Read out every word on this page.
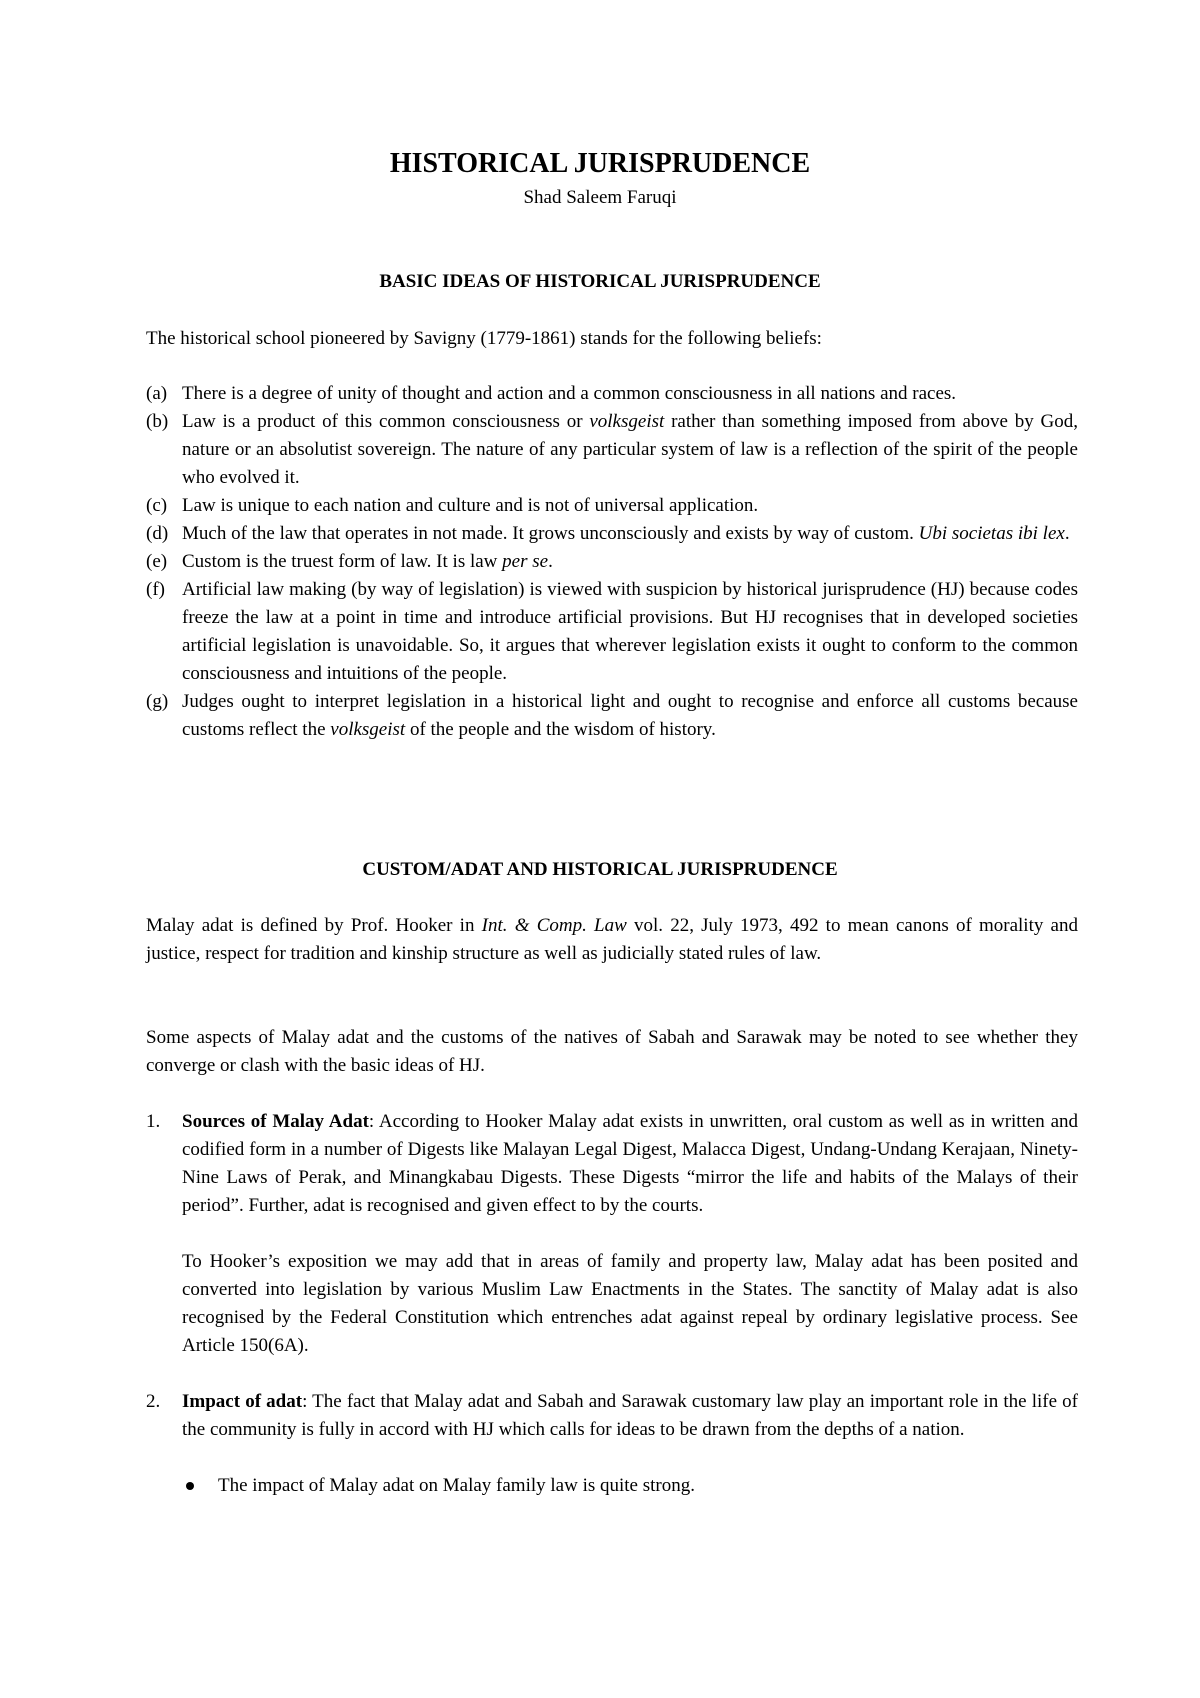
HISTORICAL JURISPRUDENCE

Shad Saleem Faruqi

BASIC IDEAS OF HISTORICAL JURISPRUDENCE

The historical school pioneered by Savigny (1779-1861) stands for the following beliefs:

(a) There is a degree of unity of thought and action and a common consciousness in all nations and races.
(b) Law is a product of this common consciousness or volksgeist rather than something imposed from above by God, nature or an absolutist sovereign. The nature of any particular system of law is a reflection of the spirit of the people who evolved it.
(c) Law is unique to each nation and culture and is not of universal application.
(d) Much of the law that operates in not made. It grows unconsciously and exists by way of custom. Ubi societas ibi lex.
(e) Custom is the truest form of law. It is law per se.
(f) Artificial law making (by way of legislation) is viewed with suspicion by historical jurisprudence (HJ) because codes freeze the law at a point in time and introduce artificial provisions. But HJ recognises that in developed societies artificial legislation is unavoidable. So, it argues that wherever legislation exists it ought to conform to the common consciousness and intuitions of the people.
(g) Judges ought to interpret legislation in a historical light and ought to recognise and enforce all customs because customs reflect the volksgeist of the people and the wisdom of history.
CUSTOM/ADAT AND HISTORICAL JURISPRUDENCE

Malay adat is defined by Prof. Hooker in Int. & Comp. Law vol. 22, July 1973, 492 to mean canons of morality and justice, respect for tradition and kinship structure as well as judicially stated rules of law.

Some aspects of Malay adat and the customs of the natives of Sabah and Sarawak may be noted to see whether they converge or clash with the basic ideas of HJ.

1. Sources of Malay Adat: According to Hooker Malay adat exists in unwritten, oral custom as well as in written and codified form in a number of Digests like Malayan Legal Digest, Malacca Digest, Undang-Undang Kerajaan, Ninety-Nine Laws of Perak, and Minangkabau Digests. These Digests “mirror the life and habits of the Malays of their period”. Further, adat is recognised and given effect to by the courts.

To Hooker’s exposition we may add that in areas of family and property law, Malay adat has been posited and converted into legislation by various Muslim Law Enactments in the States. The sanctity of Malay adat is also recognised by the Federal Constitution which entrenches adat against repeal by ordinary legislative process. See Article 150(6A).

2. Impact of adat: The fact that Malay adat and Sabah and Sarawak customary law play an important role in the life of the community is fully in accord with HJ which calls for ideas to be drawn from the depths of a nation.
The impact of Malay adat on Malay family law is quite strong.
